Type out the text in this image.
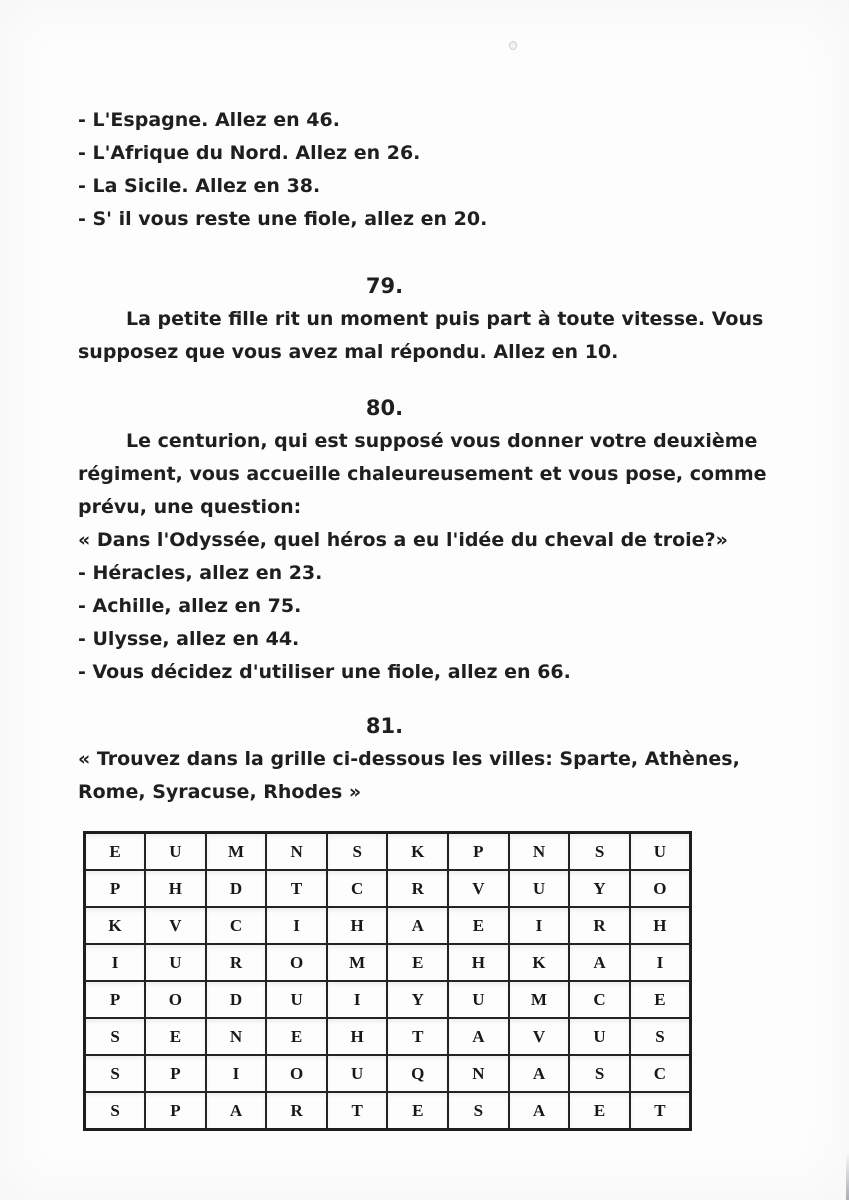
- L'Espagne. Allez en 46.
- L'Afrique du Nord. Allez en 26.
- La Sicile. Allez en 38.
- S' il vous reste une fiole, allez en 20.
79.
La petite fille rit un moment puis part à toute vitesse. Vous
supposez que vous avez mal répondu. Allez en 10.
80.
Le centurion, qui est supposé vous donner votre deuxième
régiment, vous accueille chaleureusement et vous pose, comme
prévu, une question:
« Dans l'Odyssée, quel héros a eu l'idée du cheval de troie?»
- Héracles, allez en 23.
- Achille, allez en 75.
- Ulysse, allez en 44.
- Vous décidez d'utiliser une fiole, allez en 66.
81.
« Trouvez dans la grille ci-dessous les villes: Sparte, Athènes,
Rome, Syracuse, Rhodes »
E	U	M	N	S	K	P	N	S	U
P	H	D	T	C	R	V	U	Y	O
K	V	C	I	H	A	E	I	R	H
I	U	R	O	M	E	H	K	A	I
P	O	D	U	I	Y	U	M	C	E
S	E	N	E	H	T	A	V	U	S
S	P	I	O	U	Q	N	A	S	C
S	P	A	R	T	E	S	A	E	T
